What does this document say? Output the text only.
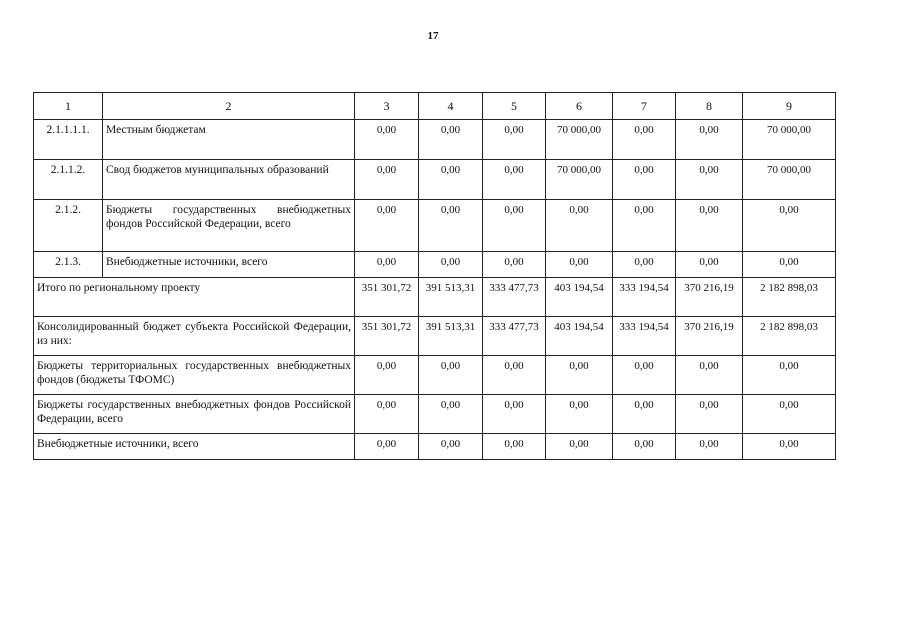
17
1	2	3	4	5	6	7	8	9
2.1.1.1.1.	Местным бюджетам	0,00	0,00	0,00	70 000,00	0,00	0,00	70 000,00
2.1.1.2.	Свод бюджетов муниципальных образований	0,00	0,00	0,00	70 000,00	0,00	0,00	70 000,00
2.1.2.	Бюджеты государственных внебюджетных фондов Российской Федерации, всего	0,00	0,00	0,00	0,00	0,00	0,00	0,00
2.1.3.	Внебюджетные источники, всего	0,00	0,00	0,00	0,00	0,00	0,00	0,00
Итого по региональному проекту		351 301,72	391 513,31	333 477,73	403 194,54	333 194,54	370 216,19	2 182 898,03
Консолидированный бюджет субъекта Российской Федерации, из них:		351 301,72	391 513,31	333 477,73	403 194,54	333 194,54	370 216,19	2 182 898,03
Бюджеты территориальных государственных внебюджетных фондов (бюджеты ТФОМС)		0,00	0,00	0,00	0,00	0,00	0,00	0,00
Бюджеты государственных внебюджетных фондов Российской Федерации, всего		0,00	0,00	0,00	0,00	0,00	0,00	0,00
Внебюджетные источники, всего		0,00	0,00	0,00	0,00	0,00	0,00	0,00
